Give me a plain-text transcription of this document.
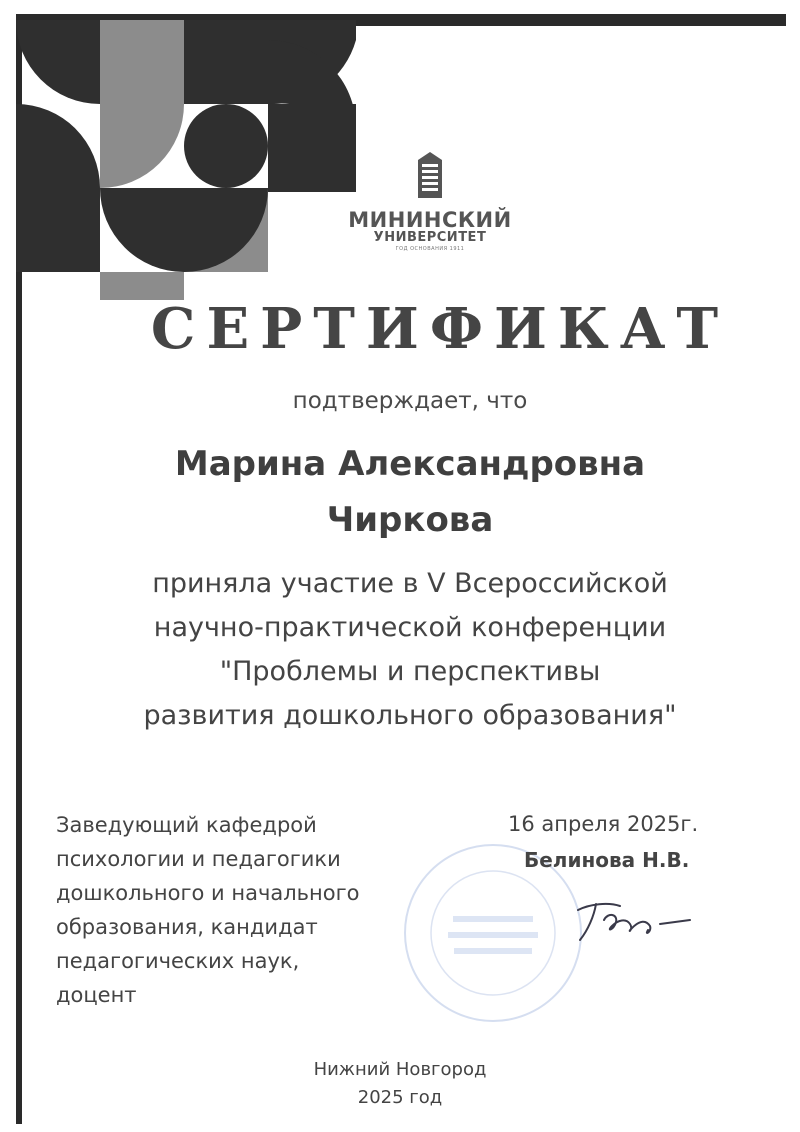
МИНИНСКИЙ
УНИВЕРСИТЕТ
ГОД ОСНОВАНИЯ 1911
СЕРТИФИКАТ
подтверждает, что
Марина Александровна
Чиркова
приняла участие в V Всероссийской
научно-практической конференции
"Проблемы и перспективы
развития дошкольного образования"
Заведующий кафедрой
психологии и педагогики
дошкольного и начального
образования, кандидат
педагогических наук,
доцент
16 апреля 2025г.
Белинова Н.В.
Нижний Новгород
2025 год
